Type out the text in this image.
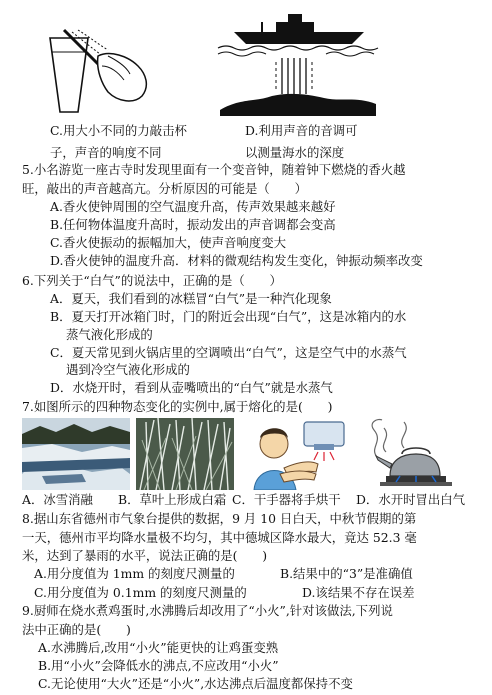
C.用大小不同的力敲击杯	D.利用声音的音调可
子，声音的响度不同	以测量海水的深度
5.小名游览一座古寺时发现里面有一个变音钟，随着钟下燃烧的香火越
旺，敲出的声音越高亢。分析原因的可能是（　　）
A.香火使钟周围的空气温度升高，传声效果越来越好
B.任何物体温度升高时，振动发出的声音调都会变高
C.香火使振动的振幅加大，使声音响度变大
D.香火使钟的温度升高．材料的微观结构发生变化，钟振动频率改变
6.下列关于“白气”的说法中，正确的是（　　）
A．夏天，我们看到的冰糕冒“白气”是一种汽化现象
B．夏天打开冰箱门时，门的附近会出现“白气”，这是冰箱内的水
蒸气液化形成的
C．夏天常见到火锅店里的空调喷出“白气”，这是空气中的水蒸气
遇到冷空气液化形成的
D．水烧开时，看到从壶嘴喷出的“白气”就是水蒸气
7.如图所示的四种物态变化的实例中,属于熔化的是(　　)
A．冰雪消融 B．草叶上形成白霜 C．干手器将手烘干 D．水开时冒出白气
8.据山东省德州市气象台提供的数据，9 月 10 日白天，中秋节假期的第
一天，德州市平均降水量极不均匀，其中德城区降水最大，竟达 52.3 毫
米，达到了暴雨的水平，说法正确的是(　　)
A.用分度值为 1mm 的刻度尺测量的	B.结果中的“3”是准确值
C.用分度值为 0.1mm 的刻度尺测量的	D.该结果不存在误差
9.厨师在烧水煮鸡蛋时,水沸腾后却改用了“小火”,针对该做法,下列说
法中正确的是(　　)
A.水沸腾后,改用“小火”能更快的让鸡蛋变熟
B.用“小火”会降低水的沸点,不应改用“小火”
C.无论使用“大火”还是“小火”,水达沸点后温度都保持不变
